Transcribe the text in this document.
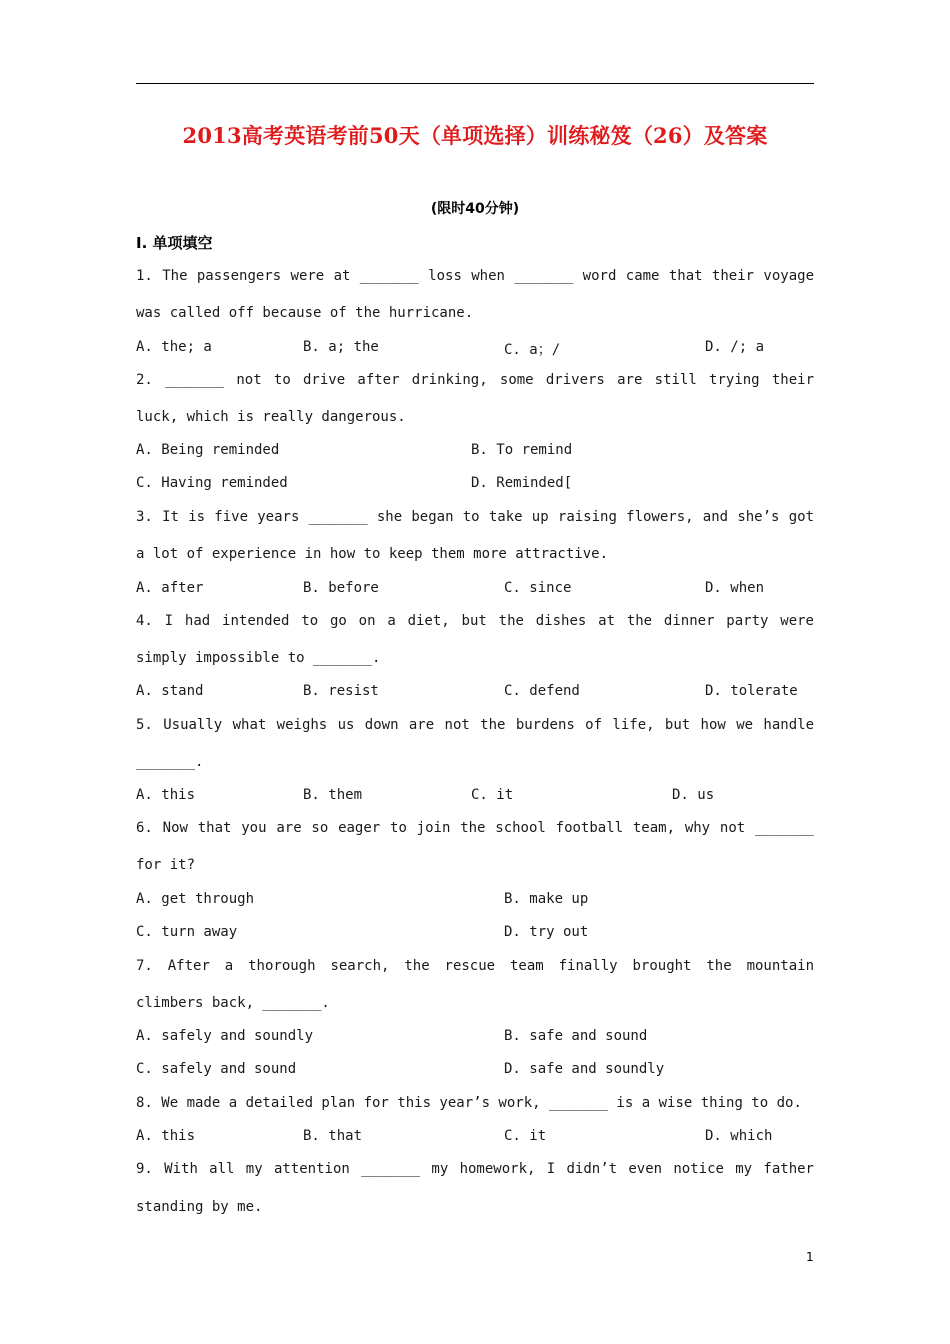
2013高考英语考前50天（单项选择）训练秘笈（26）及答案
(限时40分钟)
Ⅰ. 单项填空
1. The passengers were at _______ loss when _______ word came that their voyage
was called off because of the hurricane.
A. the; a	B. a; the	C. a；/	D. /; a
2. _______ not to drive after drinking, some drivers are still trying their
luck, which is really dangerous.
A. Being reminded	B. To remind
C. Having reminded	D. Reminded[
3. It is five years _______ she began to take up raising flowers, and she’s got
a lot of experience in how to keep them more attractive.
A. after	B. before	C. since	D. when
4. I had intended to go on a diet, but the dishes at the dinner party were
simply impossible to _______.
A. stand	B. resist	C. defend	D. tolerate
5. Usually what weighs us down are not the burdens of life, but how we handle
_______.
A. this	B. them	C. it	D. us
6. Now that you are so eager to join the school football team, why not _______
for it?
A. get through	B. make up
C. turn away	D. try out
7. After a thorough search, the rescue team finally brought the mountain
climbers back, _______.
A. safely and soundly	B. safe and sound
C. safely and sound	D. safe and soundly
8. We made a detailed plan for this year’s work, _______ is a wise thing to do.
A. this	B. that	C. it	D. which
9. With all my attention _______ my homework, I didn’t even notice my father
standing by me.
1
